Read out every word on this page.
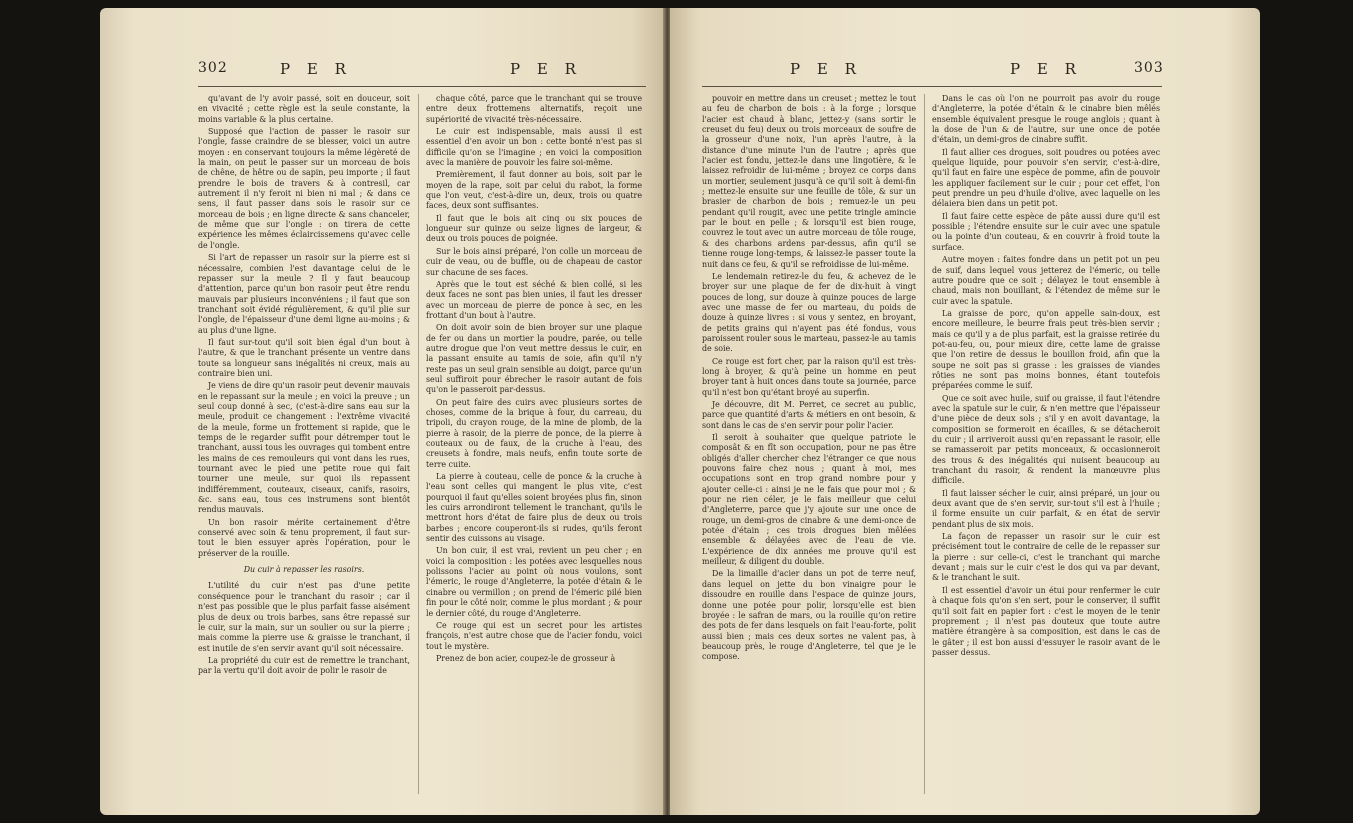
302	P E R	P E R

qu'avant de l'y avoir passé, soit en douceur, soit en vivacité ; cette règle est la seule constante, la moins variable & la plus certaine.

Supposé que l'action de passer le rasoir sur l'ongle, fasse craindre de se blesser, voici un autre moyen : en conservant toujours la même légèreté de la main, on peut le passer sur un morceau de bois de chêne, de hêtre ou de sapin, peu importe ; il faut prendre le bois de travers & à contresil, car autrement il n'y feroit ni bien ni mal ; & dans ce sens, il faut passer dans sois le rasoir sur ce morceau de bois ; en ligne directe & sans chanceler, de même que sur l'ongle : on tirera de cette expérience les mêmes éclaircissemens qu'avec celle de l'ongle.

Si l'art de repasser un rasoir sur la pierre est si nécessaire, combien l'est davantage celui de le repasser sur la meule ? Il y faut beaucoup d'attention, parce qu'un bon rasoir peut être rendu mauvais par plusieurs inconvéniens ; il faut que son tranchant soit évidé régulièrement, & qu'il plie sur l'ongle, de l'épaisseur d'une demi ligne au-moins ; & au plus d'une ligne.

Il faut sur-tout qu'il soit bien égal d'un bout à l'autre, & que le tranchant présente un ventre dans toute sa longueur sans inégalités ni creux, mais au contraire bien uni.

Je viens de dire qu'un rasoir peut devenir mauvais en le repassant sur la meule ; en voici la preuve ; un seul coup donné à sec, (c'est-à-dire sans eau sur la meule, produit ce changement : l'extrême vivacité de la meule, forme un frottement si rapide, que le temps de le regarder suffit pour détremper tout le tranchant, aussi tous les ouvrages qui tombent entre les mains de ces remouleurs qui vont dans les rues, tournant avec le pied une petite roue qui fait tourner une meule, sur quoi ils repassent indifféremment, couteaux, ciseaux, canifs, rasoirs, &c. sans eau, tous ces instrumens sont bientôt rendus mauvais.

Un bon rasoir mérite certainement d'être conservé avec soin & tenu proprement, il faut sur-tout le bien essuyer après l'opération, pour le préserver de la rouille.

Du cuir à repasser les rasoirs.

L'utilité du cuir n'est pas d'une petite conséquence pour le tranchant du rasoir ; car il n'est pas possible que le plus parfait fasse aisément plus de deux ou trois barbes, sans être repassé sur le cuir, sur la main, sur un soulier ou sur la pierre ; mais comme la pierre use & graisse le tranchant, il est inutile de s'en servir avant qu'il soit nécessaire.

La propriété du cuir est de remettre le tranchant, par la vertu qu'il doit avoir de polir le rasoir de

chaque côté, parce que le tranchant qui se trouve entre deux frottemens alternatifs, reçoit une supériorité de vivacité très-nécessaire.

Le cuir est indispensable, mais aussi il est essentiel d'en avoir un bon : cette bonté n'est pas si difficile qu'on se l'imagine ; en voici la composition avec la manière de pouvoir les faire soi-même.

Premièrement, il faut donner au bois, soit par le moyen de la rape, soit par celui du rabot, la forme que l'on veut, c'est-à-dire un, deux, trois ou quatre faces, deux sont suffisantes.

Il faut que le bois ait cinq ou six pouces de longueur sur quinze ou seize lignes de largeur, & deux ou trois pouces de poignée.

Sur le bois ainsi préparé, l'on colle un morceau de cuir de veau, ou de buffle, ou de chapeau de castor sur chacune de ses faces.

Après que le tout est séché & bien collé, si les deux faces ne sont pas bien unies, il faut les dresser avec un morceau de pierre de ponce à sec, en les frottant d'un bout à l'autre.

On doit avoir soin de bien broyer sur une plaque de fer ou dans un mortier la poudre, parée, ou telle autre drogue que l'on veut mettre dessus le cuir, en la passant ensuite au tamis de soie, afin qu'il n'y reste pas un seul grain sensible au doigt, parce qu'un seul suffiroit pour ébrecher le rasoir autant de fois qu'on le passeroit par-dessus.

On peut faire des cuirs avec plusieurs sortes de choses, comme de la brique à four, du carreau, du tripoli, du crayon rouge, de la mine de plomb, de la pierre à rasoir, de la pierre de ponce, de la pierre à couteaux ou de faux, de la cruche à l'eau, des creusets à fondre, mais neufs, enfin toute sorte de terre cuite.

La pierre à couteau, celle de ponce & la cruche à l'eau sont celles qui mangent le plus vite, c'est pourquoi il faut qu'elles soient broyées plus fin, sinon les cuirs arrondiront tellement le tranchant, qu'ils le mettront hors d'état de faire plus de deux ou trois barbes ; encore couperont-ils si rudes, qu'ils feront sentir des cuissons au visage.

Un bon cuir, il est vrai, revient un peu cher ; en voici la composition : les potées avec lesquelles nous polissons l'acier au point où nous voulons, sont l'émeric, le rouge d'Angleterre, la potée d'étain & le cinabre ou vermillon ; on prend de l'émeric pilé bien fin pour le côté noir, comme le plus mordant ; & pour le dernier côté, du rouge d'Angleterre.

Ce rouge qui est un secret pour les artistes françois, n'est autre chose que de l'acier fondu, voici tout le mystère.

Prenez de bon acier, coupez-le de grosseur à

P E R	P E R	303

pouvoir en mettre dans un creuset ; mettez le tout au feu de charbon de bois : à la forge ; lorsque l'acier est chaud à blanc, jettez-y (sans sortir le creuset du feu) deux ou trois morceaux de soufre de la grosseur d'une noix, l'un après l'autre, à la distance d'une minute l'un de l'autre ; après que l'acier est fondu, jettez-le dans une lingotière, & le laissez refroidir de lui-même ; broyez ce corps dans un mortier, seulement jusqu'à ce qu'il soit à demi-fin ; mettez-le ensuite sur une feuille de tôle, & sur un brasier de charbon de bois ; remuez-le un peu pendant qu'il rougit, avec une petite tringle amincie par le bout en pelle ; & lorsqu'il est bien rouge, couvrez le tout avec un autre morceau de tôle rouge, & des charbons ardens par-dessus, afin qu'il se tienne rouge long-temps, & laissez-le passer toute la nuit dans ce feu, & qu'il se refroidisse de lui-même.

Le lendemain retirez-le du feu, & achevez de le broyer sur une plaque de fer de dix-huit à vingt pouces de long, sur douze à quinze pouces de large avec une masse de fer ou marteau, du poids de douze à quinze livres : si vous y sentez, en broyant, de petits grains qui n'ayent pas été fondus, vous paroissent rouler sous le marteau, passez-le au tamis de soie.

Ce rouge est fort cher, par la raison qu'il est très-long à broyer, & qu'à peine un homme en peut broyer tant à huit onces dans toute sa journée, parce qu'il n'est bon qu'étant broyé au superfin.

Je découvre, dit M. Perret, ce secret au public, parce que quantité d'arts & métiers en ont besoin, & sont dans le cas de s'en servir pour polir l'acier.

Il seroit à souhaiter que quelque patriote le composât & en fît son occupation, pour ne pas être obligés d'aller chercher chez l'étranger ce que nous pouvons faire chez nous ; quant à moi, mes occupations sont en trop grand nombre pour y ajouter celle-ci : ainsi je ne le fais que pour moi ; & pour ne rien céler, je le fais meilleur que celui d'Angleterre, parce que j'y ajoute sur une once de rouge, un demi-gros de cinabre & une demi-once de potée d'étain ; ces trois drogues bien mêlées ensemble & délayées avec de l'eau de vie. L'expérience de dix années me prouve qu'il est meilleur, & diligent du double.

De la limaille d'acier dans un pot de terre neuf, dans lequel on jette du bon vinaigre pour le dissoudre en rouille dans l'espace de quinze jours, donne une potée pour polir, lorsqu'elle est bien broyée : le safran de mars, ou la rouille qu'on retire des pots de fer dans lesquels on fait l'eau-forte, polit aussi bien ; mais ces deux sortes ne valent pas, à beaucoup près, le rouge d'Angleterre, tel que je le compose.

Dans le cas où l'on ne pourroit pas avoir du rouge d'Angleterre, la potée d'étain & le cinabre bien mêlés ensemble équivalent presque le rouge anglois ; quant à la dose de l'un & de l'autre, sur une once de potée d'étain, un demi-gros de cinabre suffit.

Il faut allier ces drogues, soit poudres ou potées avec quelque liquide, pour pouvoir s'en servir, c'est-à-dire, qu'il faut en faire une espèce de pomme, afin de pouvoir les appliquer facilement sur le cuir ; pour cet effet, l'on peut prendre un peu d'huile d'olive, avec laquelle on les délaiera bien dans un petit pot.

Il faut faire cette espèce de pâte aussi dure qu'il est possible ; l'étendre ensuite sur le cuir avec une spatule ou la pointe d'un couteau, & en couvrir à froid toute la surface.

Autre moyen : faites fondre dans un petit pot un peu de suif, dans lequel vous jetterez de l'émeric, ou telle autre poudre que ce soit ; délayez le tout ensemble à chaud, mais non bouillant, & l'étendez de même sur le cuir avec la spatule.

La graisse de porc, qu'on appelle sain-doux, est encore meilleure, le beurre frais peut très-bien servir ; mais ce qu'il y a de plus parfait, est la graisse retirée du pot-au-feu, ou, pour mieux dire, cette lame de graisse que l'on retire de dessus le bouillon froid, afin que la soupe ne soit pas si grasse : les graisses de viandes rôties ne sont pas moins bonnes, étant toutefois préparées comme le suif.

Que ce soit avec huile, suif ou graisse, il faut l'étendre avec la spatule sur le cuir, & n'en mettre que l'épaisseur d'une pièce de deux sols ; s'il y en avoit davantage, la composition se formeroit en écailles, & se détacheroit du cuir ; il arriveroit aussi qu'en repassant le rasoir, elle se ramasseroit par petits monceaux, & occasionneroit des trous & des inégalités qui nuisent beaucoup au tranchant du rasoir, & rendent la manœuvre plus difficile.

Il faut laisser sécher le cuir, ainsi préparé, un jour ou deux avant que de s'en servir, sur-tout s'il est à l'huile ; il forme ensuite un cuir parfait, & en état de servir pendant plus de six mois.

La façon de repasser un rasoir sur le cuir est précisément tout le contraire de celle de le repasser sur la pierre : sur celle-ci, c'est le tranchant qui marche devant ; mais sur le cuir c'est le dos qui va par devant, & le tranchant le suit.

Il est essentiel d'avoir un étui pour renfermer le cuir à chaque fois qu'on s'en sert, pour le conserver, il suffit qu'il soit fait en papier fort : c'est le moyen de le tenir proprement ; il n'est pas douteux que toute autre matière étrangère à sa composition, est dans le cas de le gâter ; il est bon aussi d'essuyer le rasoir avant de le passer dessus.
